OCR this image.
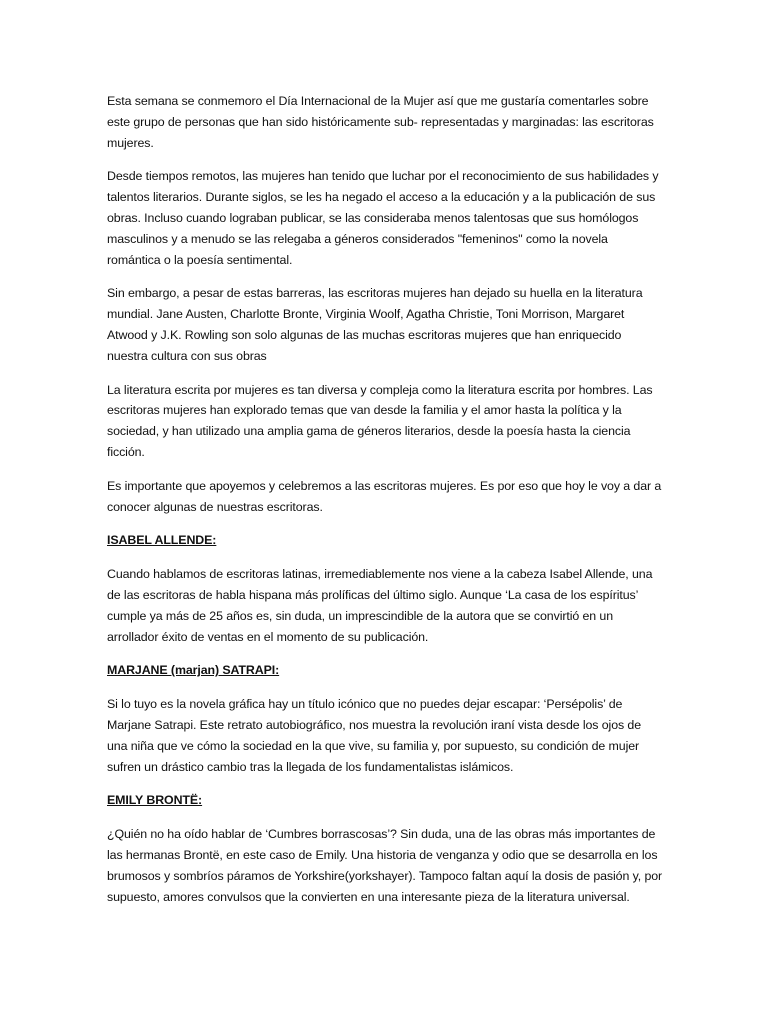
Esta semana se conmemoro el Día Internacional de la Mujer así que me gustaría comentarles sobre este grupo de personas que han sido históricamente sub- representadas y marginadas: las escritoras mujeres.

Desde tiempos remotos, las mujeres han tenido que luchar por el reconocimiento de sus habilidades y talentos literarios. Durante siglos, se les ha negado el acceso a la educación y a la publicación de sus obras. Incluso cuando lograban publicar, se las consideraba menos talentosas que sus homólogos masculinos y a menudo se las relegaba a géneros considerados "femeninos" como la novela romántica o la poesía sentimental.

Sin embargo, a pesar de estas barreras, las escritoras mujeres han dejado su huella en la literatura mundial. Jane Austen, Charlotte Bronte, Virginia Woolf, Agatha Christie, Toni Morrison, Margaret Atwood y J.K. Rowling son solo algunas de las muchas escritoras mujeres que han enriquecido nuestra cultura con sus obras

La literatura escrita por mujeres es tan diversa y compleja como la literatura escrita por hombres. Las escritoras mujeres han explorado temas que van desde la familia y el amor hasta la política y la sociedad, y han utilizado una amplia gama de géneros literarios, desde la poesía hasta la ciencia ficción.

Es importante que apoyemos y celebremos a las escritoras mujeres. Es por eso que hoy le voy a dar a conocer algunas de nuestras escritoras.

ISABEL ALLENDE:

Cuando hablamos de escritoras latinas, irremediablemente nos viene a la cabeza Isabel Allende, una de las escritoras de habla hispana más prolíficas del último siglo. Aunque ‘La casa de los espíritus’ cumple ya más de 25 años es, sin duda, un imprescindible de la autora que se convirtió en un arrollador éxito de ventas en el momento de su publicación.

MARJANE (marjan) SATRAPI:

Si lo tuyo es la novela gráfica hay un título icónico que no puedes dejar escapar: ‘Persépolis’ de Marjane Satrapi. Este retrato autobiográfico, nos muestra la revolución iraní vista desde los ojos de una niña que ve cómo la sociedad en la que vive, su familia y, por supuesto, su condición de mujer sufren un drástico cambio tras la llegada de los fundamentalistas islámicos.

EMILY BRONTË:

¿Quién no ha oído hablar de ‘Cumbres borrascosas’? Sin duda, una de las obras más importantes de las hermanas Brontë, en este caso de Emily. Una historia de venganza y odio que se desarrolla en los brumosos y sombríos páramos de Yorkshire(yorkshayer). Tampoco faltan aquí la dosis de pasión y, por supuesto, amores convulsos que la convierten en una interesante pieza de la literatura universal.
